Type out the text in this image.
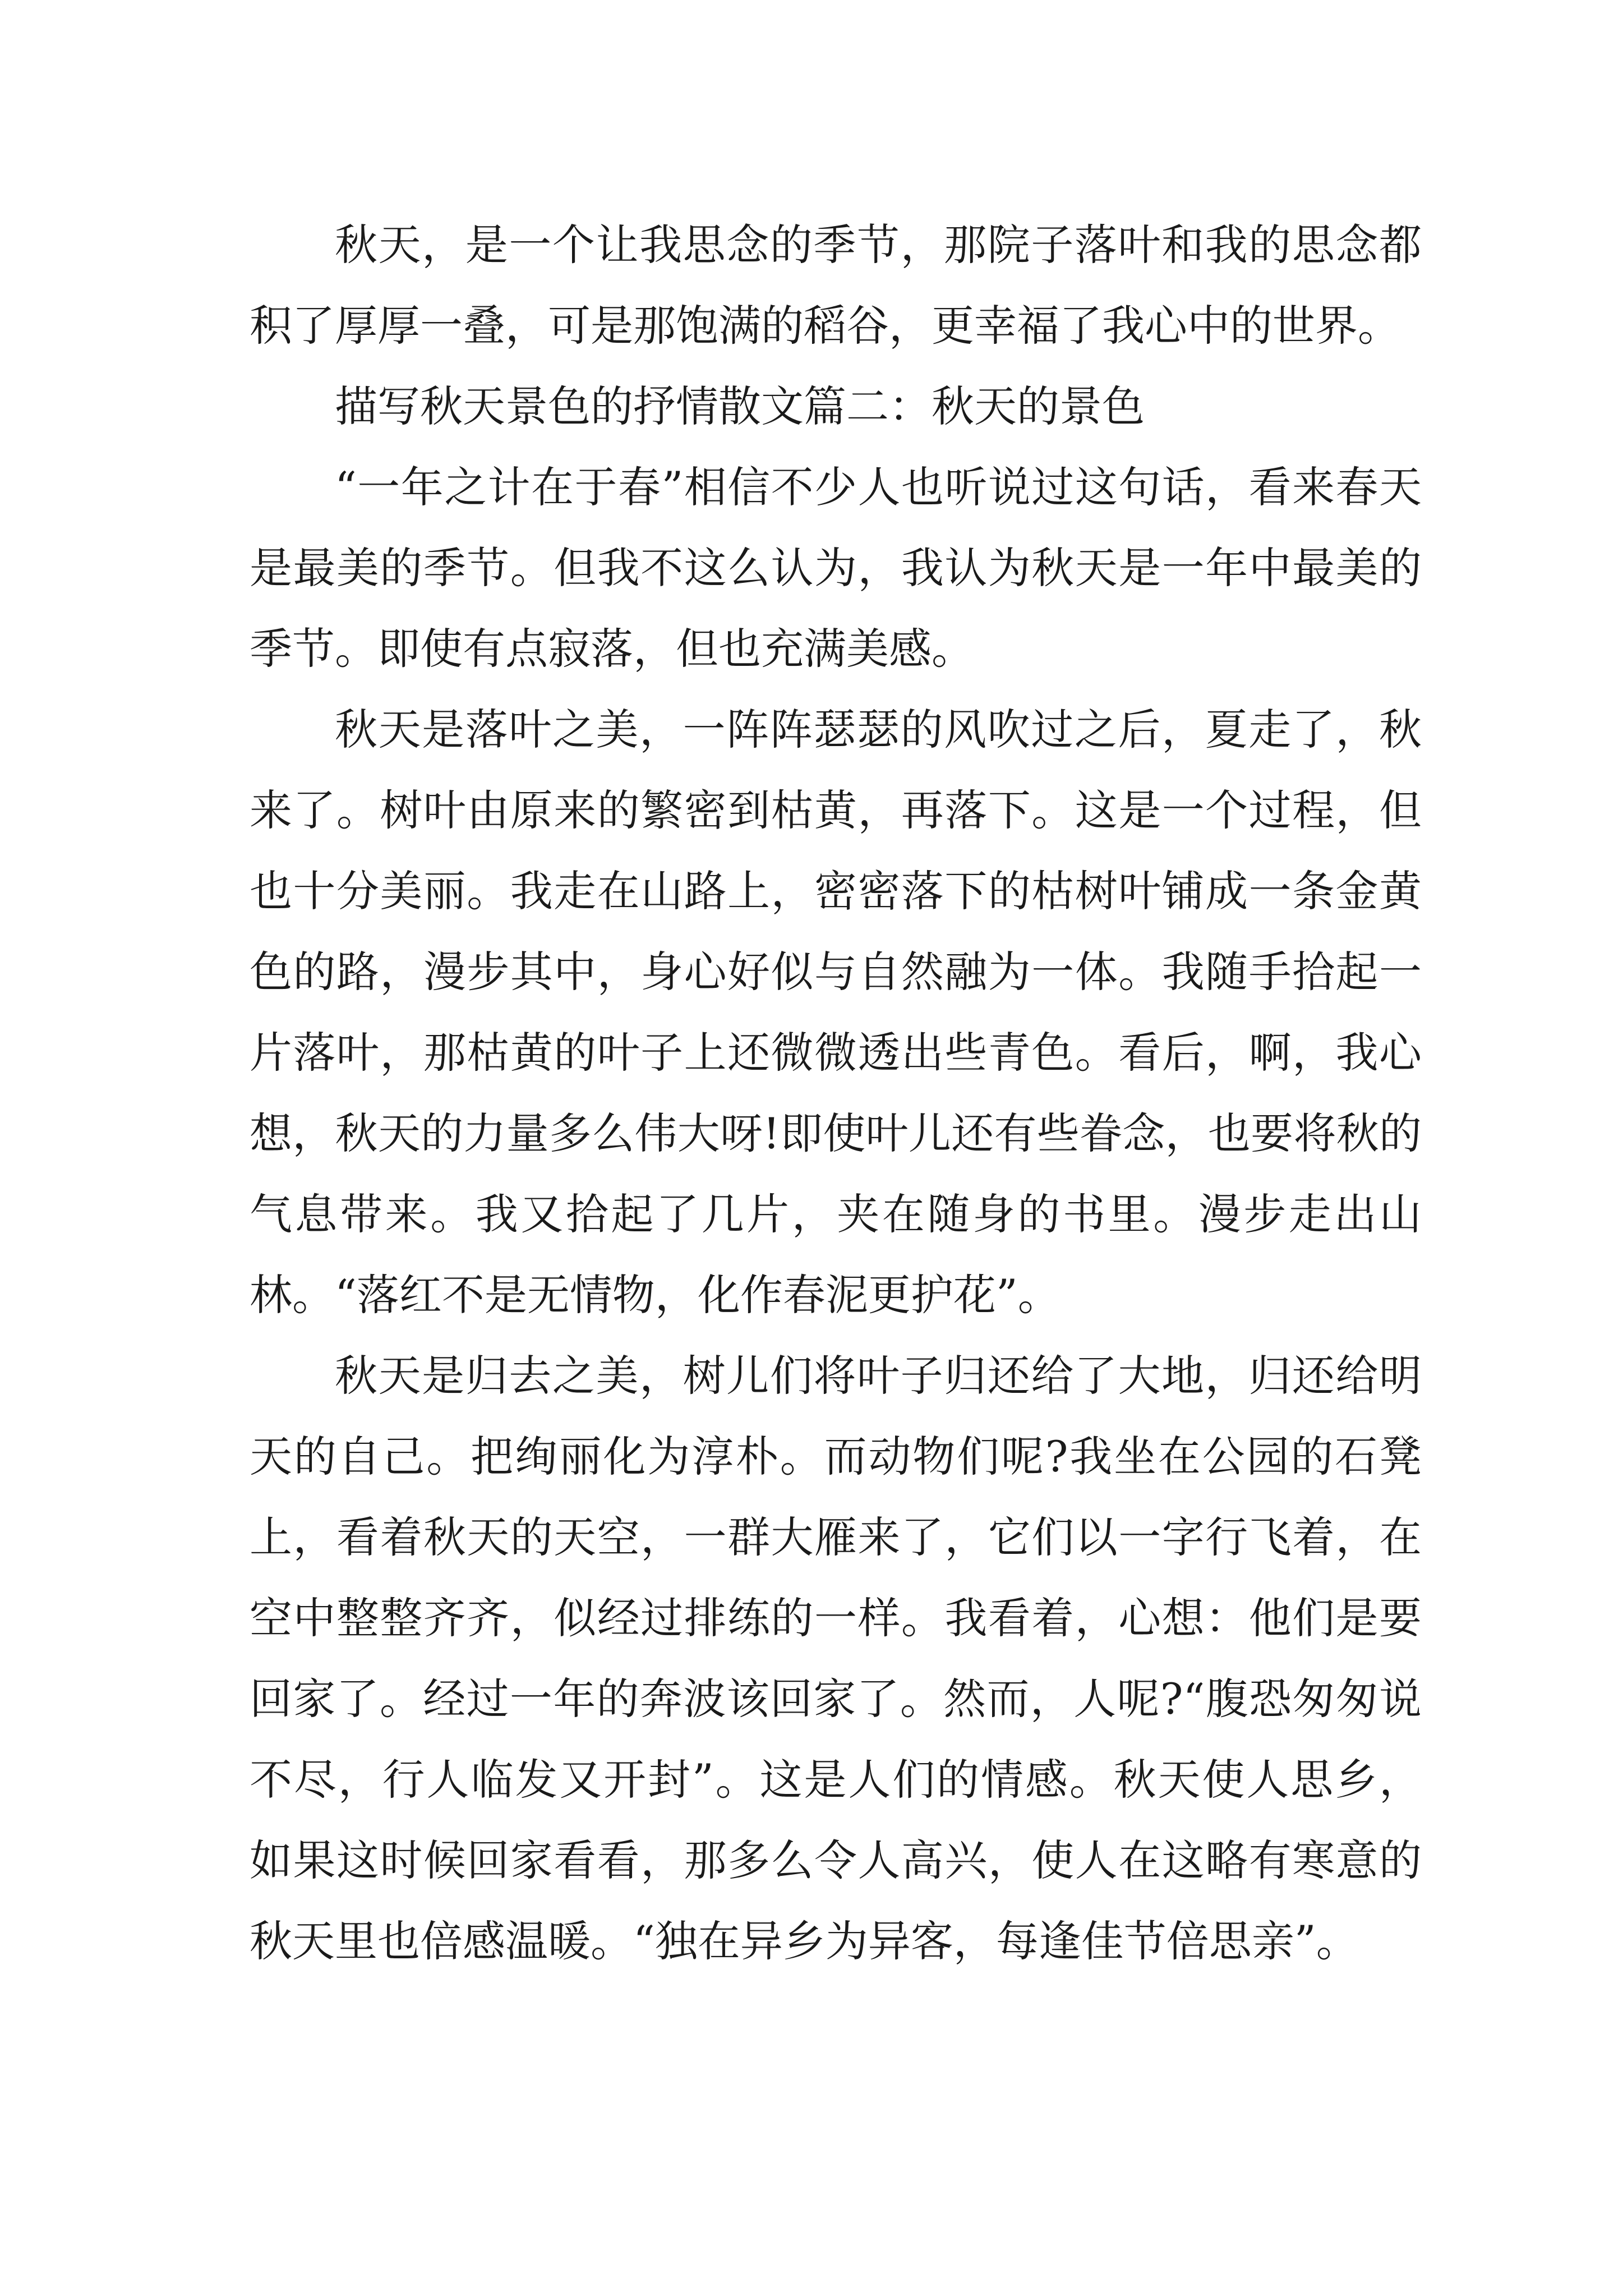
秋天，是一个让我思念的季节，那院子落叶和我的思念都积了厚厚一叠，可是那饱满的稻谷，更幸福了我心中的世界。

描写秋天景色的抒情散文篇二：秋天的景色

“一年之计在于春”相信不少人也听说过这句话，看来春天是最美的季节。但我不这么认为，我认为秋天是一年中最美的季节。即使有点寂落，但也充满美感。

秋天是落叶之美，一阵阵瑟瑟的风吹过之后，夏走了，秋来了。树叶由原来的繁密到枯黄，再落下。这是一个过程，但也十分美丽。我走在山路上，密密落下的枯树叶铺成一条金黄色的路，漫步其中，身心好似与自然融为一体。我随手拾起一片落叶，那枯黄的叶子上还微微透出些青色。看后，啊，我心想，秋天的力量多么伟大呀!即使叶儿还有些眷念，也要将秋的气息带来。我又拾起了几片，夹在随身的书里。漫步走出山林。“落红不是无情物，化作春泥更护花”。

秋天是归去之美，树儿们将叶子归还给了大地，归还给明天的自己。把绚丽化为淳朴。而动物们呢?我坐在公园的石凳上，看着秋天的天空，一群大雁来了，它们以一字行飞着，在空中整整齐齐，似经过排练的一样。我看着，心想：他们是要回家了。经过一年的奔波该回家了。然而，人呢?“腹恐匆匆说不尽，行人临发又开封”。这是人们的情感。秋天使人思乡，如果这时候回家看看，那多么令人高兴，使人在这略有寒意的秋天里也倍感温暖。“独在异乡为异客，每逢佳节倍思亲”。
